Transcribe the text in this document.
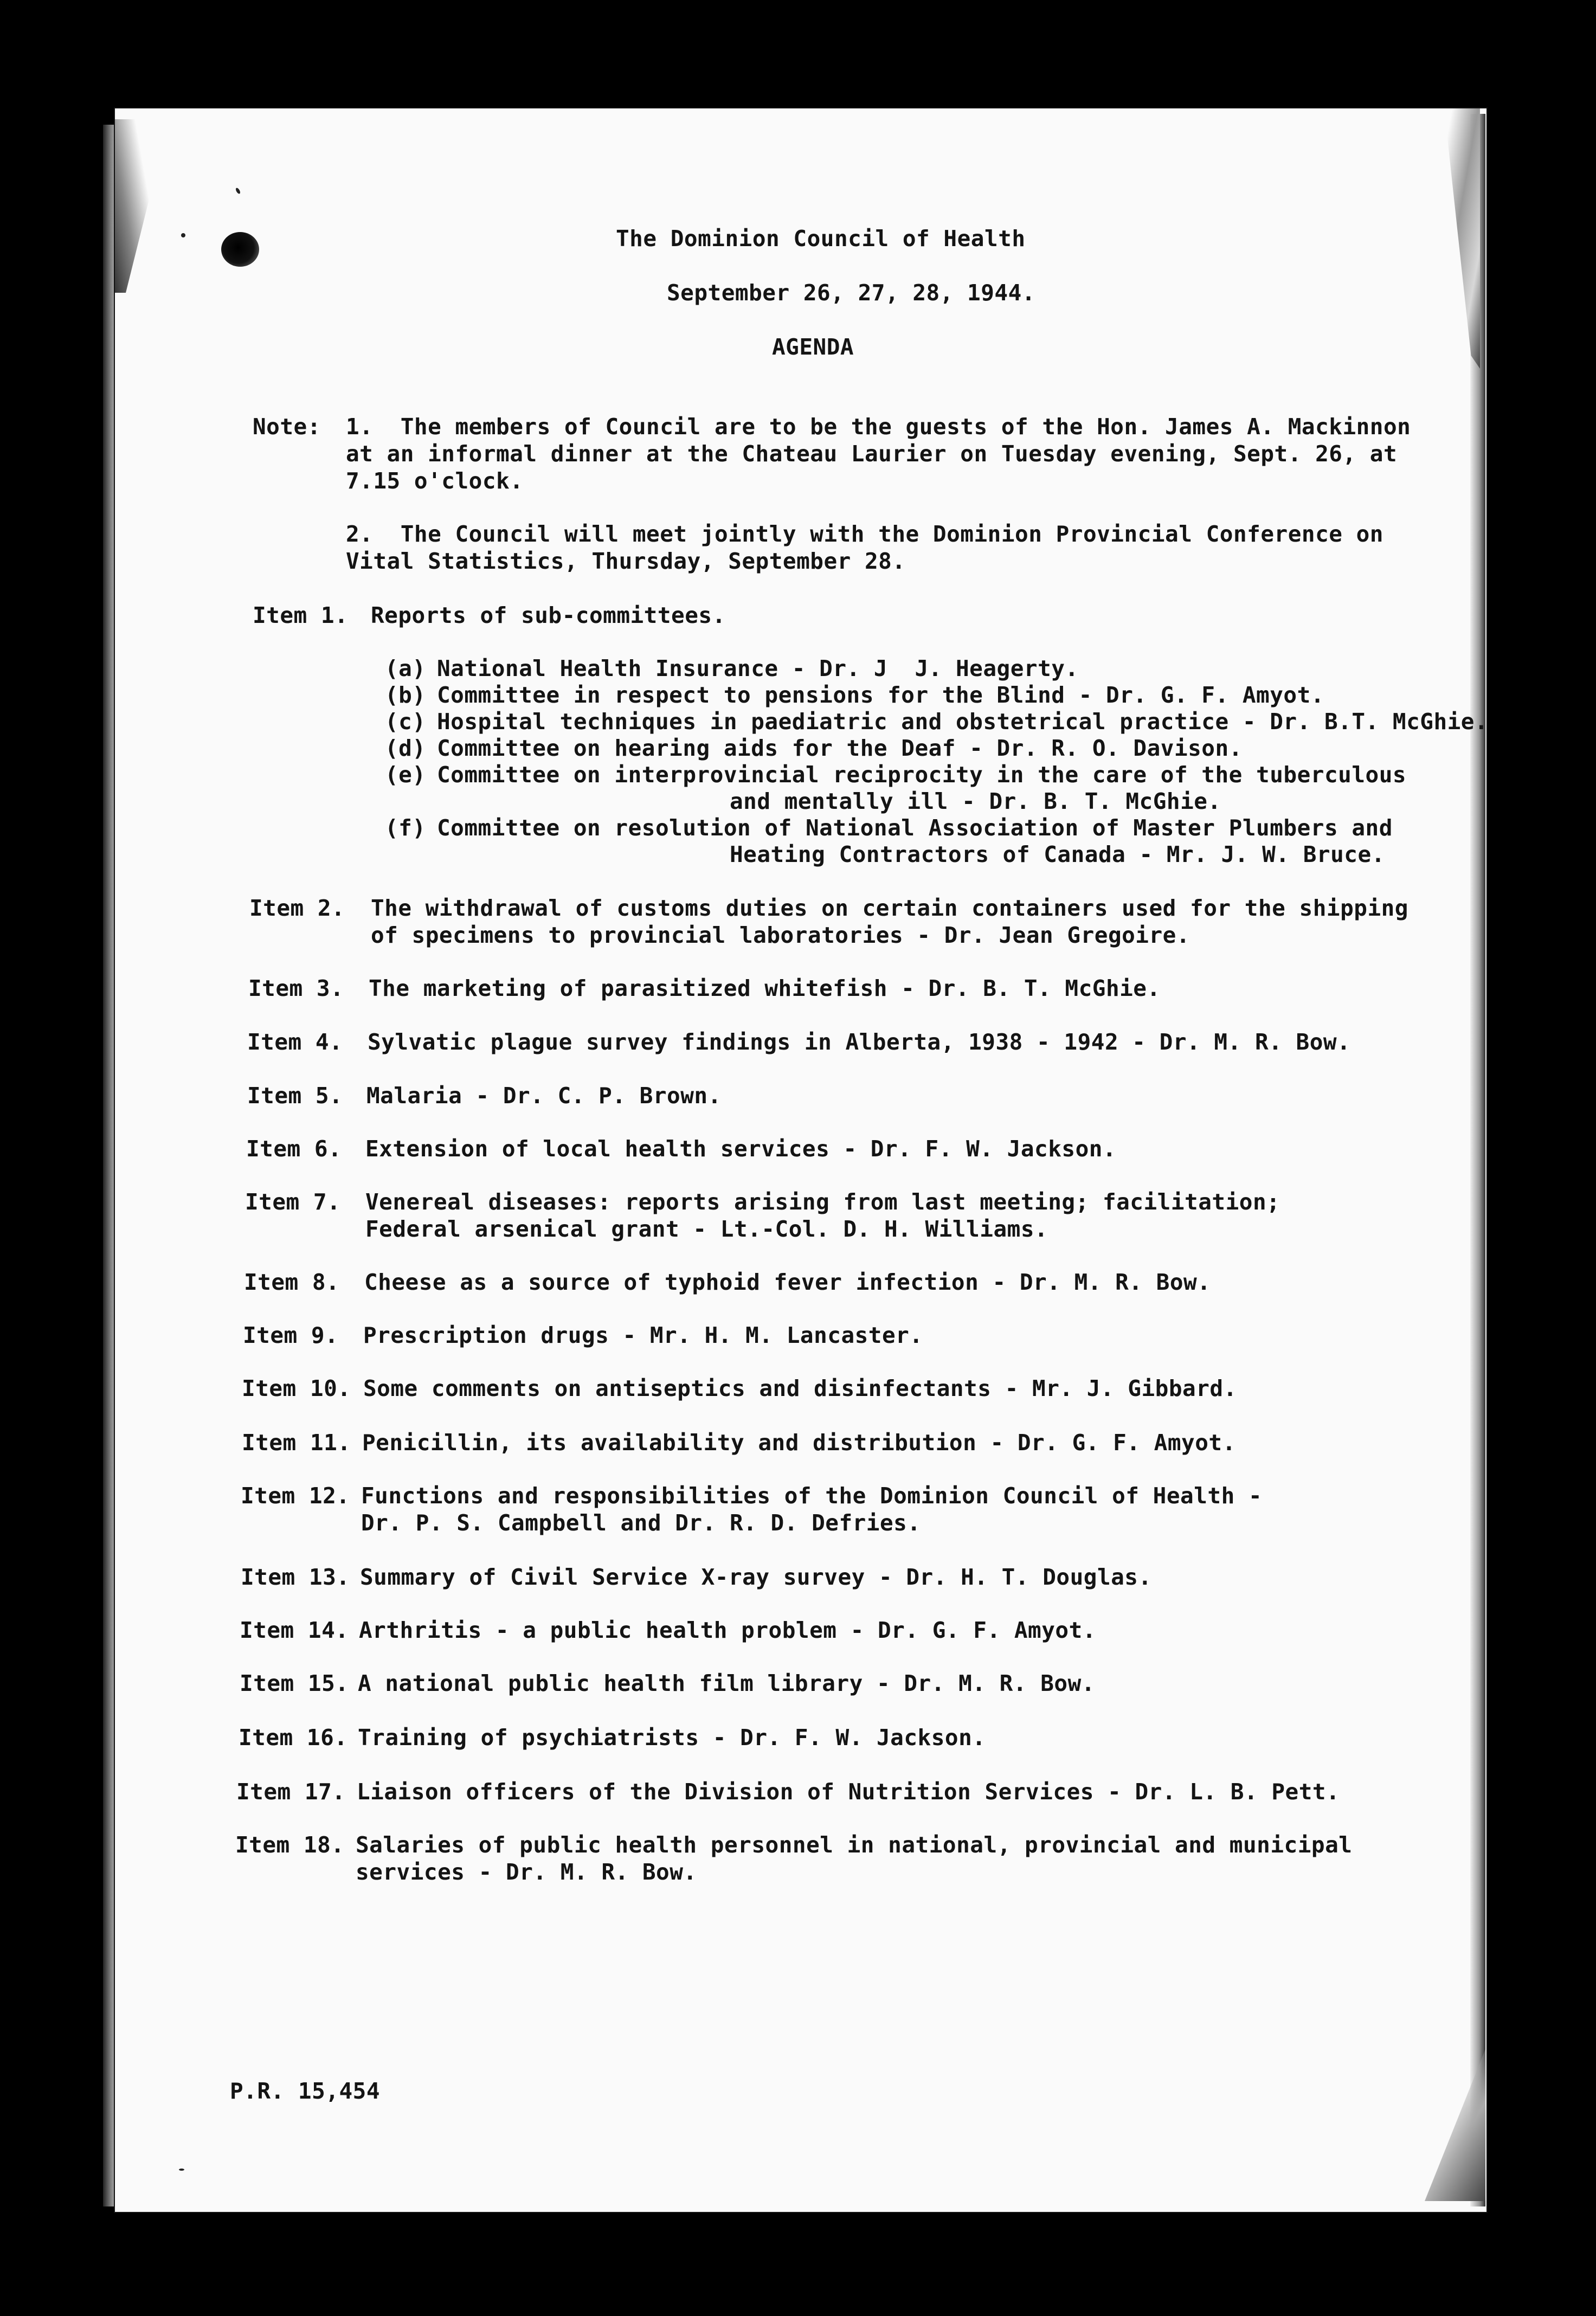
The Dominion Council of Health
September 26, 27, 28, 1944.
AGENDA
Note: 1.  The members of Council are to be the guests of the Hon. James A. Mackinnon
at an informal dinner at the Chateau Laurier on Tuesday evening, Sept. 26, at
7.15 o'clock.
2.  The Council will meet jointly with the Dominion Provincial Conference on
Vital Statistics, Thursday, September 28.
Item 1. Reports of sub-committees.
(a) National Health Insurance - Dr. J  J. Heagerty.
(b) Committee in respect to pensions for the Blind - Dr. G. F. Amyot.
(c) Hospital techniques in paediatric and obstetrical practice - Dr. B.T. McGhie.
(d) Committee on hearing aids for the Deaf - Dr. R. O. Davison.
(e) Committee on interprovincial reciprocity in the care of the tuberculous
and mentally ill - Dr. B. T. McGhie.
(f) Committee on resolution of National Association of Master Plumbers and
Heating Contractors of Canada - Mr. J. W. Bruce.
Item 2. The withdrawal of customs duties on certain containers used for the shipping
of specimens to provincial laboratories - Dr. Jean Gregoire.
Item 3. The marketing of parasitized whitefish - Dr. B. T. McGhie.
Item 4. Sylvatic plague survey findings in Alberta, 1938 - 1942 - Dr. M. R. Bow.
Item 5. Malaria - Dr. C. P. Brown.
Item 6. Extension of local health services - Dr. F. W. Jackson.
Item 7. Venereal diseases: reports arising from last meeting; facilitation;
Federal arsenical grant - Lt.-Col. D. H. Williams.
Item 8. Cheese as a source of typhoid fever infection - Dr. M. R. Bow.
Item 9. Prescription drugs - Mr. H. M. Lancaster.
Item 10. Some comments on antiseptics and disinfectants - Mr. J. Gibbard.
Item 11. Penicillin, its availability and distribution - Dr. G. F. Amyot.
Item 12. Functions and responsibilities of the Dominion Council of Health -
Dr. P. S. Campbell and Dr. R. D. Defries.
Item 13. Summary of Civil Service X-ray survey - Dr. H. T. Douglas.
Item 14. Arthritis - a public health problem - Dr. G. F. Amyot.
Item 15. A national public health film library - Dr. M. R. Bow.
Item 16. Training of psychiatrists - Dr. F. W. Jackson.
Item 17. Liaison officers of the Division of Nutrition Services - Dr. L. B. Pett.
Item 18. Salaries of public health personnel in national, provincial and municipal
services - Dr. M. R. Bow.
P.R. 15,454
